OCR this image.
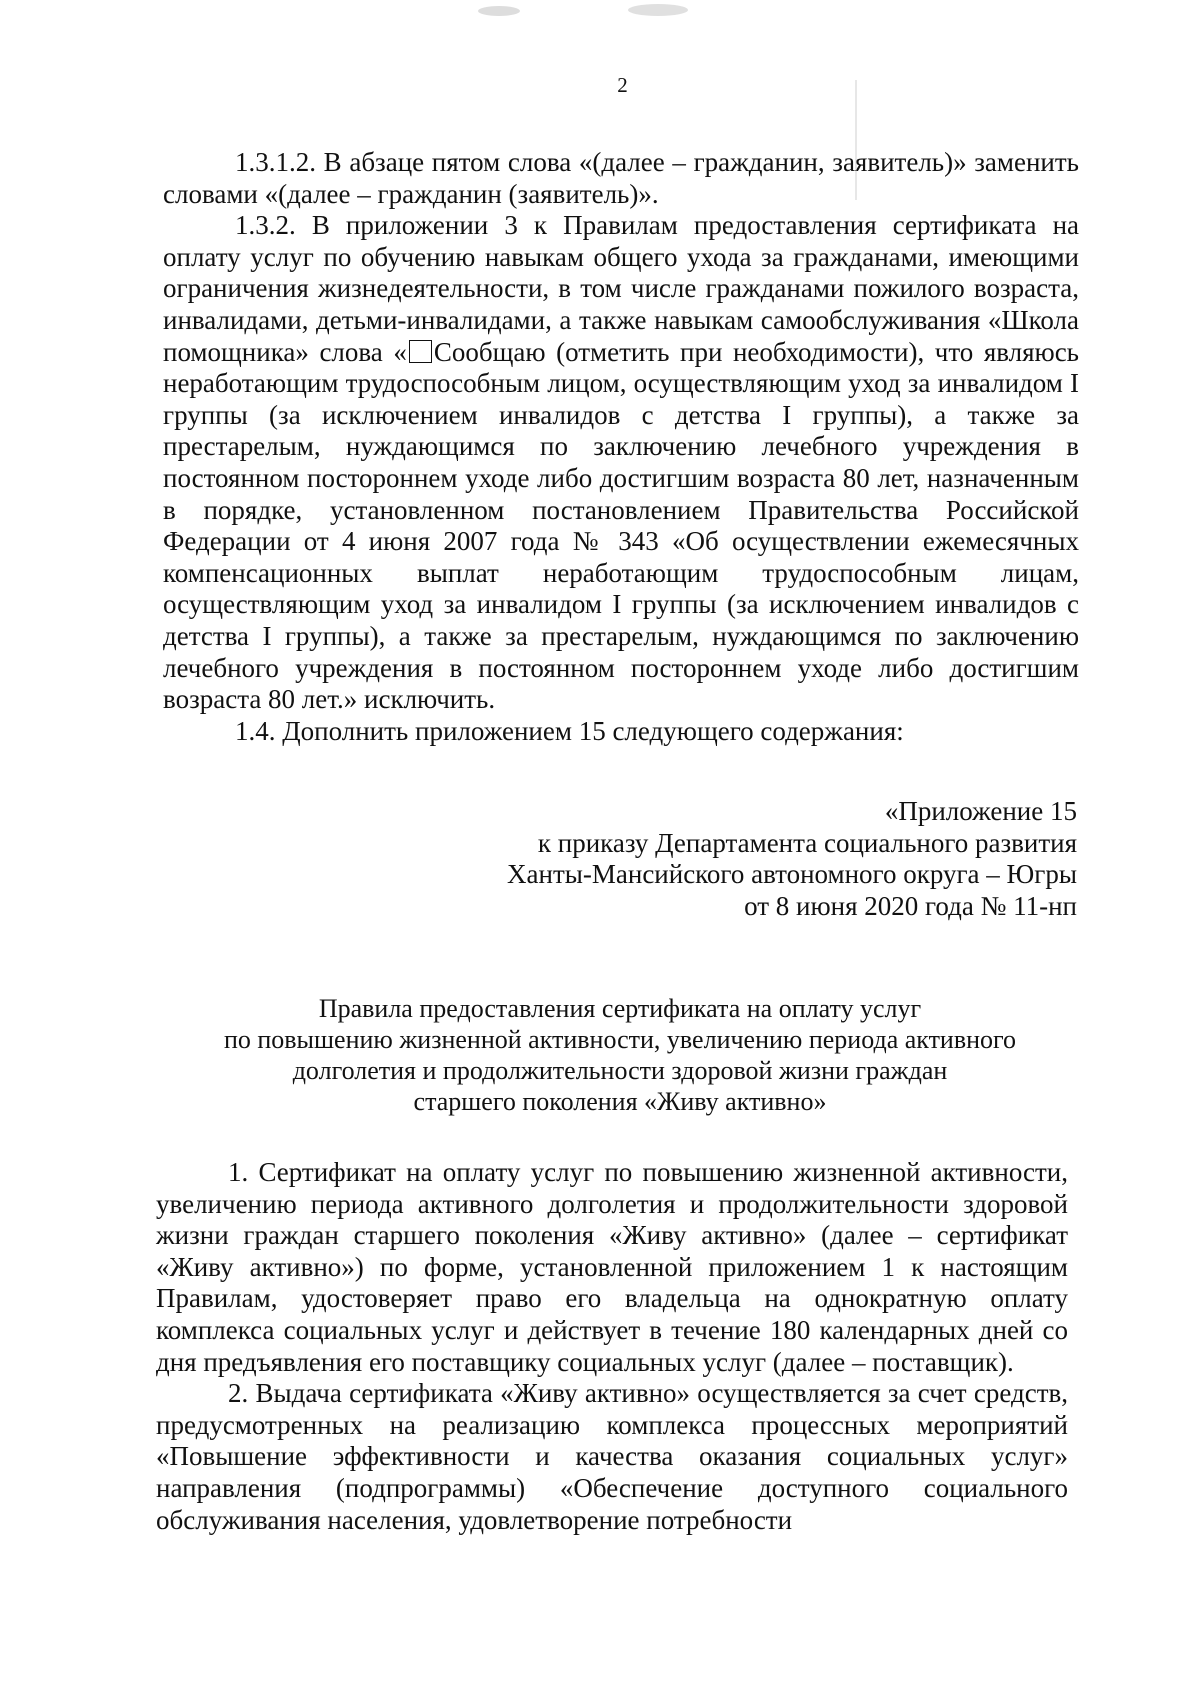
2

1.3.1.2. В абзаце пятом слова «(далее – гражданин, заявитель)» заменить словами «(далее – гражданин (заявитель)».

1.3.2. В приложении 3 к Правилам предоставления сертификата на оплату услуг по обучению навыкам общего ухода за гражданами, имеющими ограничения жизнедеятельности, в том числе гражданами пожилого возраста, инвалидами, детьми-инвалидами, а также навыкам самообслуживания «Школа помощника» слова « Сообщаю (отметить при необходимости), что являюсь неработающим трудоспособным лицом, осуществляющим уход за инвалидом I группы (за исключением инвалидов с детства I группы), а также за престарелым, нуждающимся по заключению лечебного учреждения в постоянном постороннем уходе либо достигшим возраста 80 лет, назначенным в порядке, установленном постановлением Правительства Российской Федерации от 4 июня 2007 года № 343 «Об осуществлении ежемесячных компенсационных выплат неработающим трудоспособным лицам, осуществляющим уход за инвалидом I группы (за исключением инвалидов с детства I группы), а также за престарелым, нуждающимся по заключению лечебного учреждения в постоянном постороннем уходе либо достигшим возраста 80 лет.» исключить.

1.4. Дополнить приложением 15 следующего содержания:

«Приложение 15
к приказу Департамента социального развития
Ханты-Мансийского автономного округа – Югры
от 8 июня 2020 года № 11-нп
Правила предоставления сертификата на оплату услуг
по повышению жизненной активности, увеличению периода активного
долголетия и продолжительности здоровой жизни граждан
старшего поколения «Живу активно»

1. Сертификат на оплату услуг по повышению жизненной активности, увеличению периода активного долголетия и продолжительности здоровой жизни граждан старшего поколения «Живу активно» (далее – сертификат «Живу активно») по форме, установленной приложением 1 к настоящим Правилам, удостоверяет право его владельца на однократную оплату комплекса социальных услуг и действует в течение 180 календарных дней со дня предъявления его поставщику социальных услуг (далее – поставщик).

2. Выдача сертификата «Живу активно» осуществляется за счет средств, предусмотренных на реализацию комплекса процессных мероприятий «Повышение эффективности и качества оказания социальных услуг» направления (подпрограммы) «Обеспечение доступного социального обслуживания населения, удовлетворение потребности
